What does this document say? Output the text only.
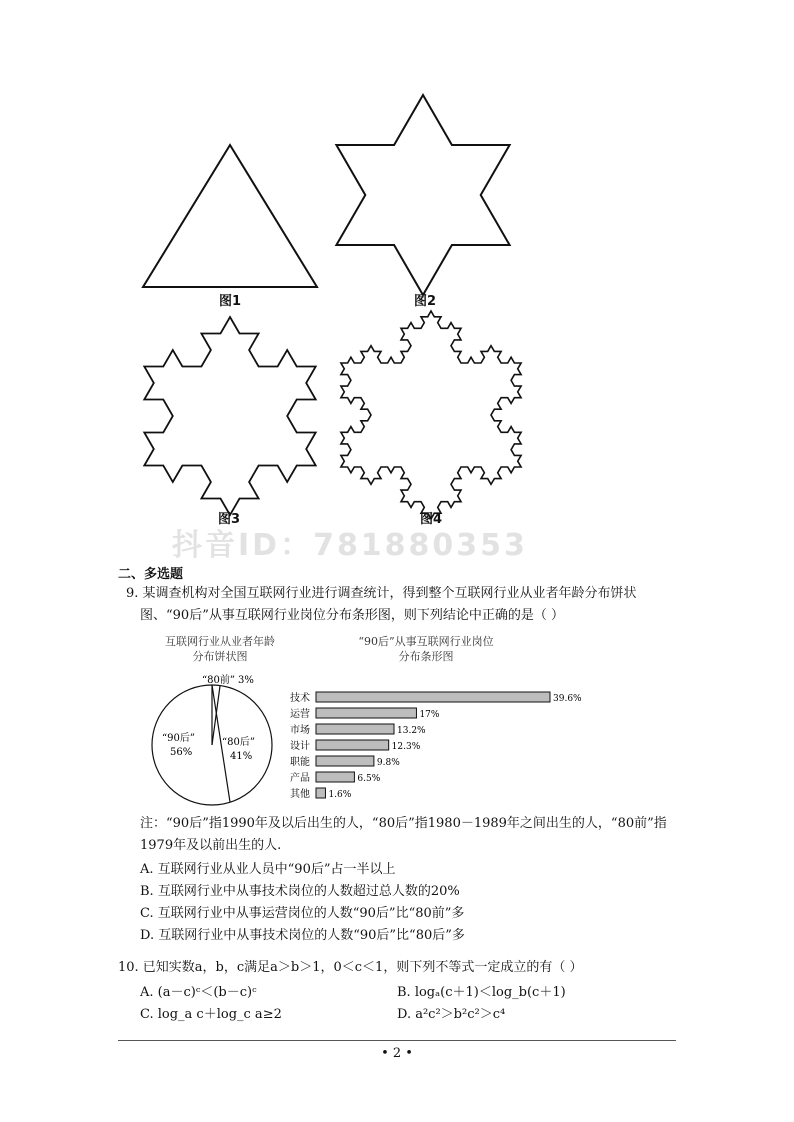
图1	图2
图3	图4
抖音ID：781880353
二、多选题
9. 某调查机构对全国互联网行业进行调查统计，得到整个互联网行业从业者年龄分布饼状
图、“90后”从事互联网行业岗位分布条形图，则下列结论中正确的是（ ）
互联网行业从业者年龄
分布饼状图
“90后”从事互联网行业岗位
分布条形图
“90后”
56%
“80后”
41%
“80前” 3%
技术	39.6%
运营	17%
市场	13.2%
设计	12.3%
职能	9.8%
产品	6.5%
其他 1.6%
注：“90后”指1990年及以后出生的人，“80后”指1980－1989年之间出生的人，“80前”指
1979年及以前出生的人.
A. 互联网行业从业人员中“90后”占一半以上
B. 互联网行业中从事技术岗位的人数超过总人数的20%
C. 互联网行业中从事运营岗位的人数“90后”比“80前”多
D. 互联网行业中从事技术岗位的人数“90后”比“80后”多
10. 已知实数a，b，c满足a＞b＞1，0＜c＜1，则下列不等式一定成立的有（ ）
A. (a－c)ᶜ＜(b－c)ᶜ	B. logₐ(c＋1)＜log_b(c＋1)
C. log_a c＋log_c a≥2	D. a²c²＞b²c²＞c⁴
• 2 •
